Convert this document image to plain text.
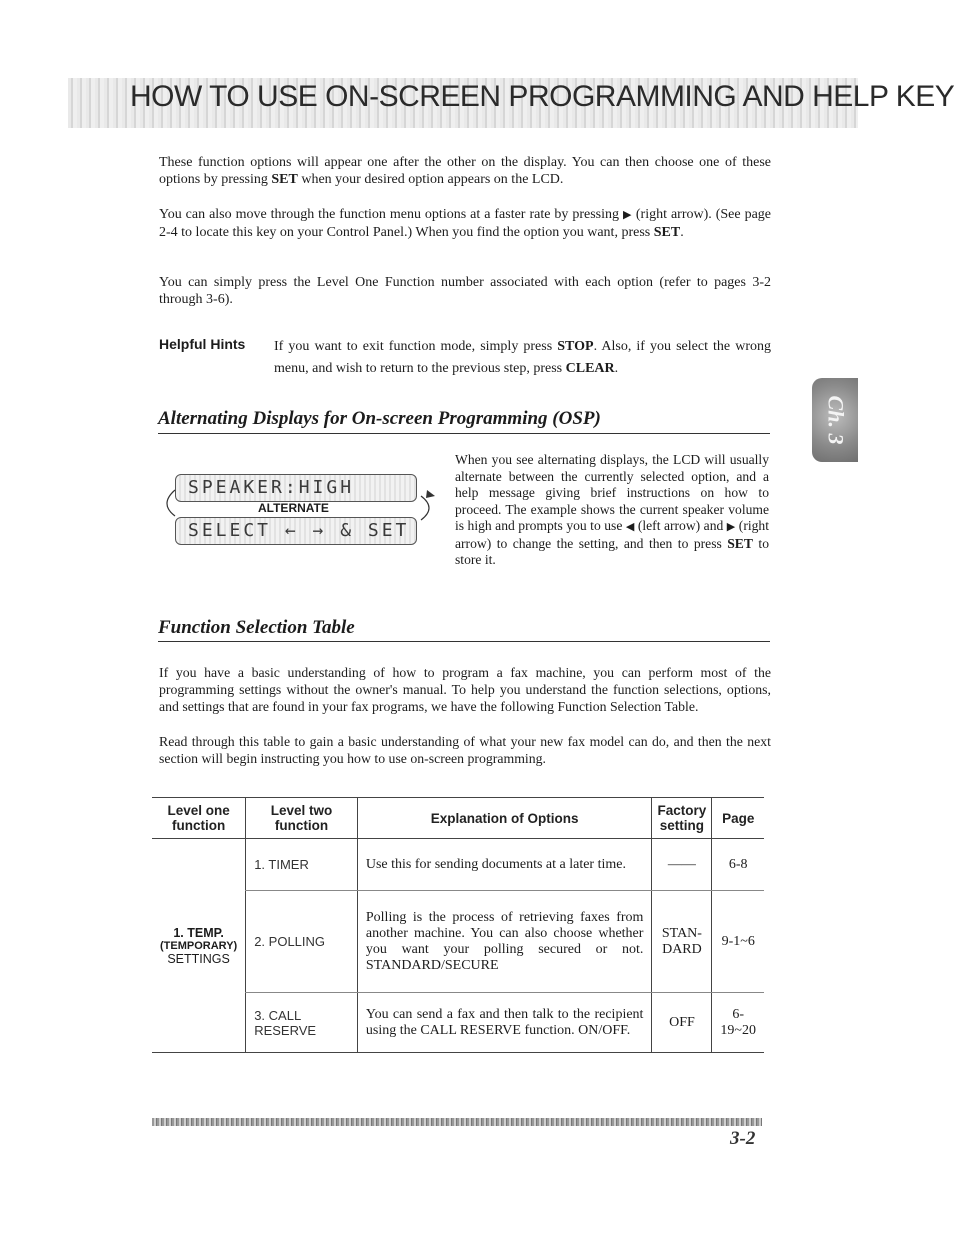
HOW TO USE ON-SCREEN PROGRAMMING AND HELP KEY

These function options will appear one after the other on the display. You can then choose one of these options by pressing SET when your desired option appears on the LCD.

You can also move through the function menu options at a faster rate by pressing ▶ (right arrow). (See page 2-4 to locate this key on your Control Panel.) When you find the option you want, press SET.

You can simply press the Level One Function number associated with each option (refer to pages 3-2 through 3-6).

Helpful Hints If you want to exit function mode, simply press STOP. Also, if you select the wrong menu, and wish to return to the previous step, press CLEAR.

Alternating Displays for On-screen Programming (OSP)
SPEAKER:HIGH
ALTERNATE
SELECT ← → & SET

When you see alternating displays, the LCD will usually alternate between the currently selected option, and a help message giving brief instructions on how to proceed. The example shows the current speaker volume is high and prompts you to use ◀ (left arrow) and ▶ (right arrow) to change the setting, and then to press SET to store it.

Ch. 3
Function Selection Table

If you have a basic understanding of how to program a fax machine, you can perform most of the programming settings without the owner's manual. To help you understand the function selections, options, and settings that are found in your fax programs, we have the following Function Selection Table.

Read through this table to gain a basic understanding of what your new fax model can do, and then the next section will begin instructing you how to use on-screen programming.

Level one function	Level two function	Explanation of Options	Factory setting	Page

1. TEMP.
(TEMPORARY)
SETTINGS	1. TIMER	Use this for sending documents at a later time.	——	6-8
	2. POLLING	Polling is the process of retrieving faxes from another machine. You can also choose whether you want your polling secured or not. STANDARD/SECURE	STAN-DARD	9-1~6
	3. CALL RESERVE	You can send a fax and then talk to the recipient using the CALL RESERVE function. ON/OFF.	OFF	6-19~20
3-2
